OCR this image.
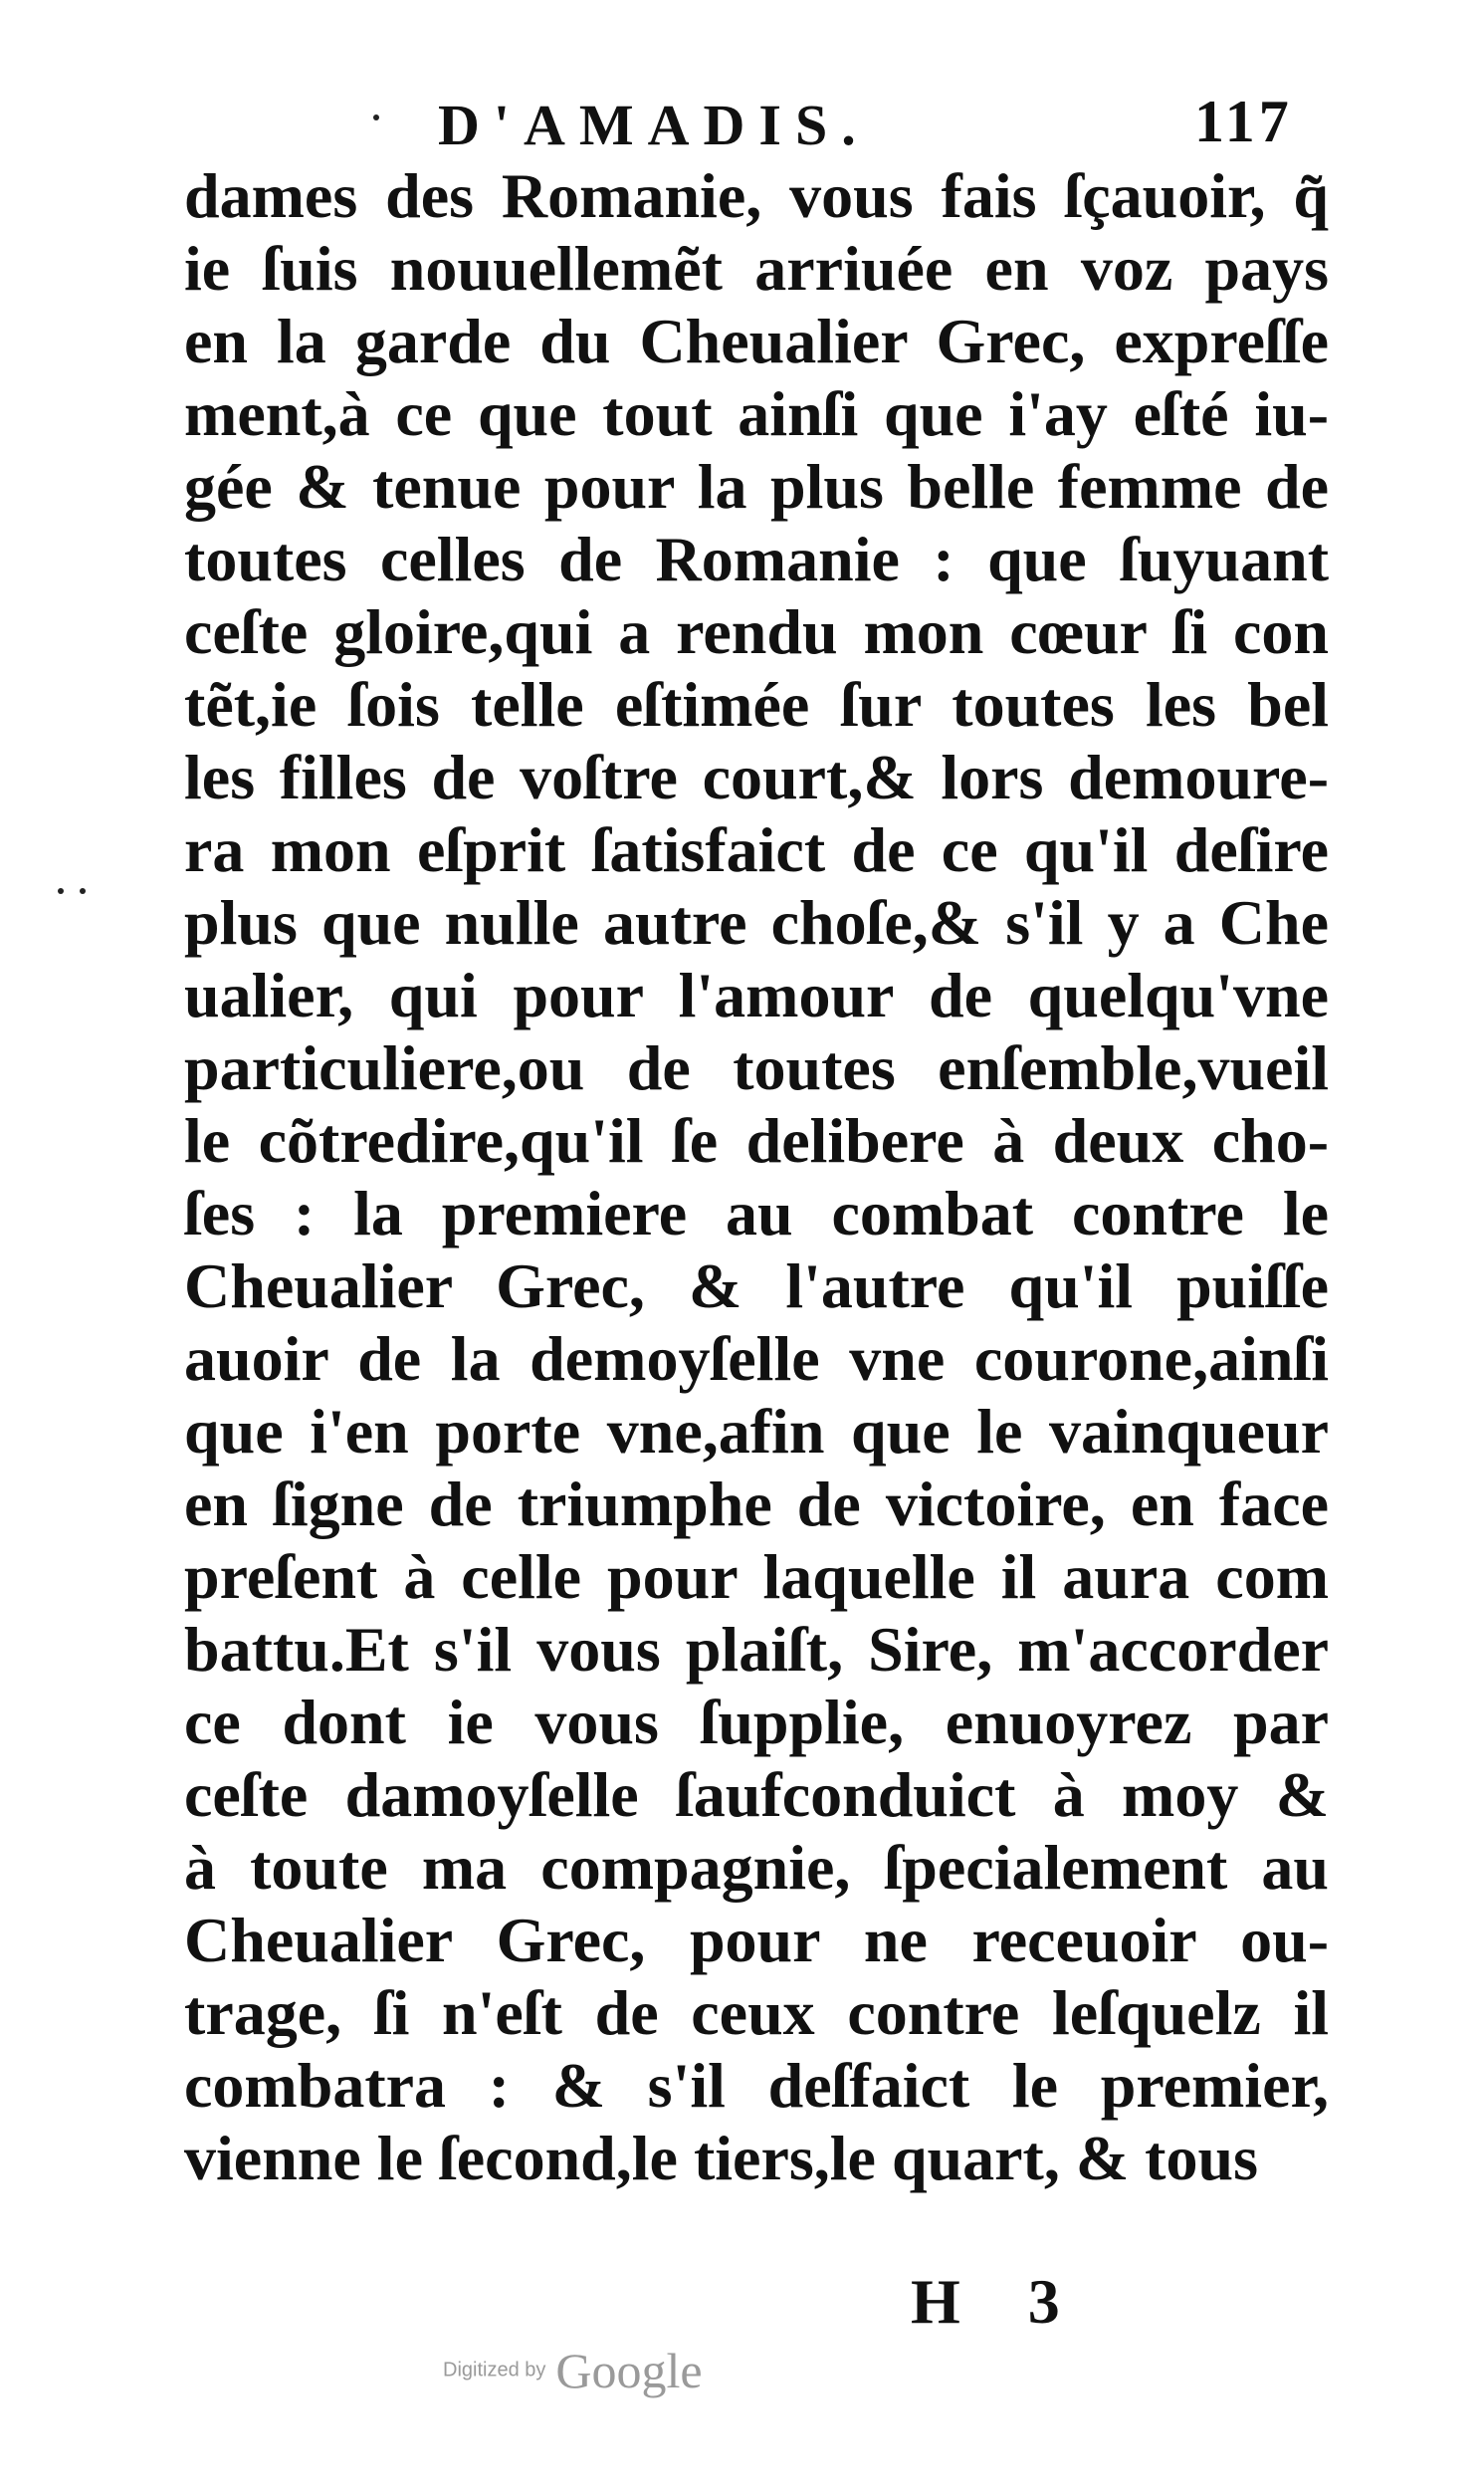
D'AMADIS.	117
dames des Romanie, vous fais ſçauoir, q̃
ie ſuis nouuellemẽt arriuée en voz pays
en la garde du Cheualier Grec, expreſſe
ment,à ce que tout ainſi que i'ay eſté iu-
gée & tenue pour la plus belle femme de
toutes celles de Romanie : que ſuyuant
ceſte gloire,qui a rendu mon cœur ſi con
tẽt,ie ſois telle eſtimée ſur toutes les bel
les filles de voſtre court,& lors demoure-
ra mon eſprit ſatisfaict de ce qu'il deſire
plus que nulle autre choſe,& s'il y a Che
ualier, qui pour l'amour de quelqu'vne
particuliere,ou de toutes enſemble,vueil
le cõtredire,qu'il ſe delibere à deux cho-
ſes : la premiere au combat contre le
Cheualier Grec, & l'autre qu'il puiſſe
auoir de la demoyſelle vne courone,ainſi
que i'en porte vne,afin que le vainqueur
en ſigne de triumphe de victoire, en face
preſent à celle pour laquelle il aura com
battu.Et s'il vous plaiſt, Sire, m'accorder
ce dont ie vous ſupplie, enuoyrez par
ceſte damoyſelle ſaufconduict à moy &
à toute ma compagnie, ſpecialement au
Cheualier Grec, pour ne receuoir ou-
trage, ſi n'eſt de ceux contre leſquelz il
combatra : & s'il deſfaict le premier,
vienne le ſecond,le tiers,le quart, & tous
H 3
Digitized by Google
